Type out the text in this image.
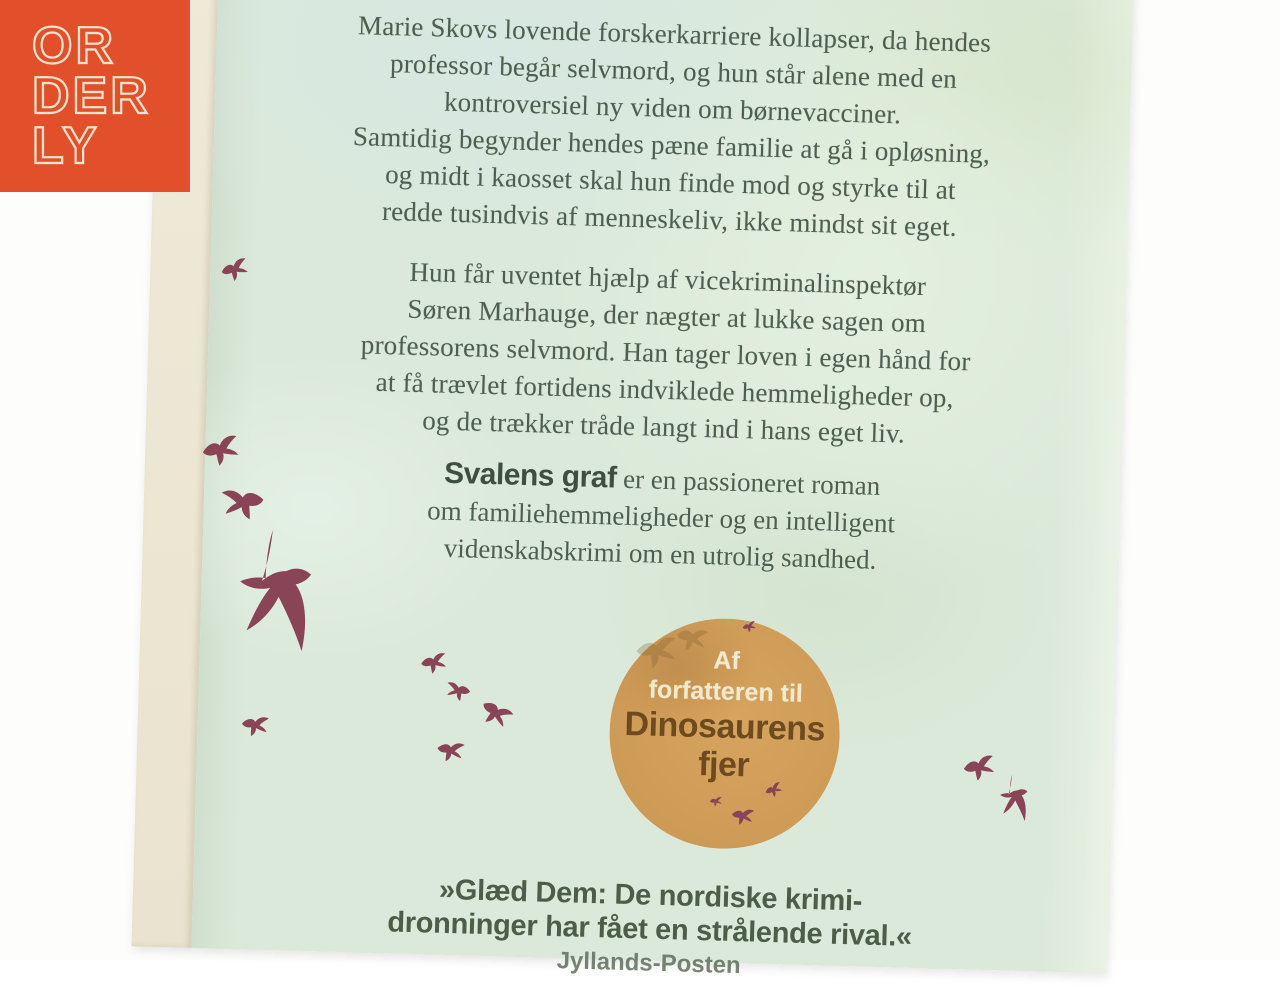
Marie Skovs lovende forskerkarriere kollapser, da hendes
professor begår selvmord, og hun står alene med en
kontroversiel ny viden om børnevacciner.
Samtidig begynder hendes pæne familie at gå i opløsning,
og midt i kaosset skal hun finde mod og styrke til at
redde tusindvis af menneskeliv, ikke mindst sit eget.
Hun får uventet hjælp af vicekriminalinspektør
Søren Marhauge, der nægter at lukke sagen om
professorens selvmord. Han tager loven i egen hånd for
at få trævlet fortidens indviklede hemmeligheder op,
og de trækker tråde langt ind i hans eget liv.
Svalens graf er en passioneret roman
om familiehemmeligheder og en intelligent
videnskabskrimi om en utrolig sandhed.
Af
forfatteren til
Dinosaurens
fjer
»Glæd Dem: De nordiske krimi-
dronninger har fået en strålende rival.«
Jyllands-Posten
OR
DER
LY
